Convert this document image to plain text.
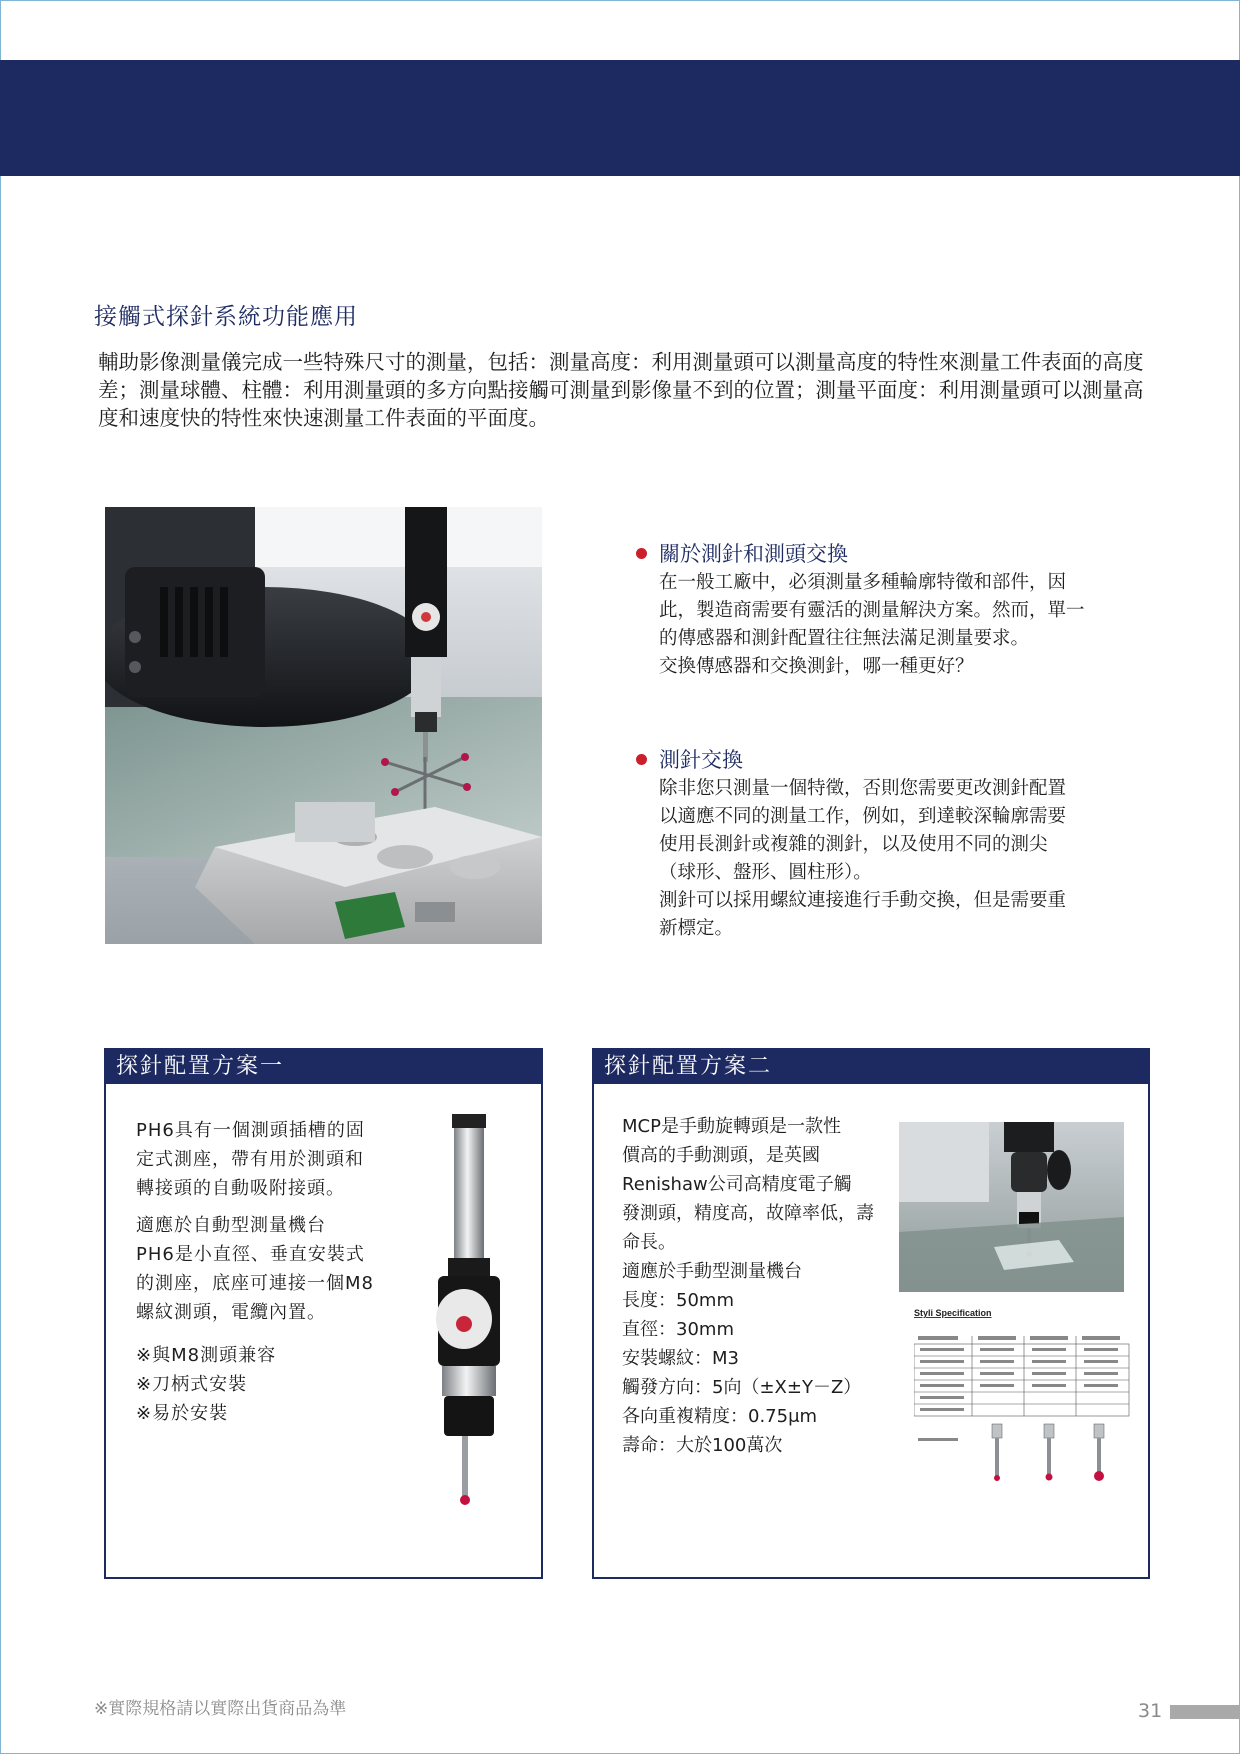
接觸式探針系統功能應用
輔助影像測量儀完成一些特殊尺寸的測量，包括：測量高度：利用測量頭可以測量高度的特性來測量工件表面的高度差；測量球體、柱體：利用測量頭的多方向點接觸可測量到影像量不到的位置；測量平面度：利用測量頭可以測量高度和速度快的特性來快速測量工件表面的平面度。
關於測針和測頭交換
在一般工廠中，必須測量多種輪廓特徵和部件，因
此，製造商需要有靈活的測量解決方案。然而，單一
的傳感器和測針配置往往無法滿足測量要求。
交換傳感器和交換測針，哪一種更好？
測針交換
除非您只測量一個特徵，否則您需要更改測針配置
以適應不同的測量工作，例如，到達較深輪廓需要
使用長測針或複雜的測針，以及使用不同的測尖
（球形、盤形、圓柱形）。
測針可以採用螺紋連接進行手動交換，但是需要重
新標定。
探針配置方案一
PH6具有一個測頭插槽的固
定式測座，帶有用於測頭和
轉接頭的自動吸附接頭。
適應於自動型測量機台
PH6是小直徑、垂直安裝式
的測座，底座可連接一個M8
螺紋測頭，電纜內置。
※與M8測頭兼容
※刀柄式安裝
※易於安裝
探針配置方案二
MCP是手動旋轉頭是一款性
價高的手動測頭，是英國
Renishaw公司高精度電子觸
發測頭，精度高，故障率低，壽
命長。
適應於手動型測量機台
長度：50mm
直徑：30mm
安裝螺紋：M3
觸發方向：5向（±X±Y－Z）
各向重複精度：0.75μm
壽命：大於100萬次
Styli Specification
※實際規格請以實際出貨商品為準	31
